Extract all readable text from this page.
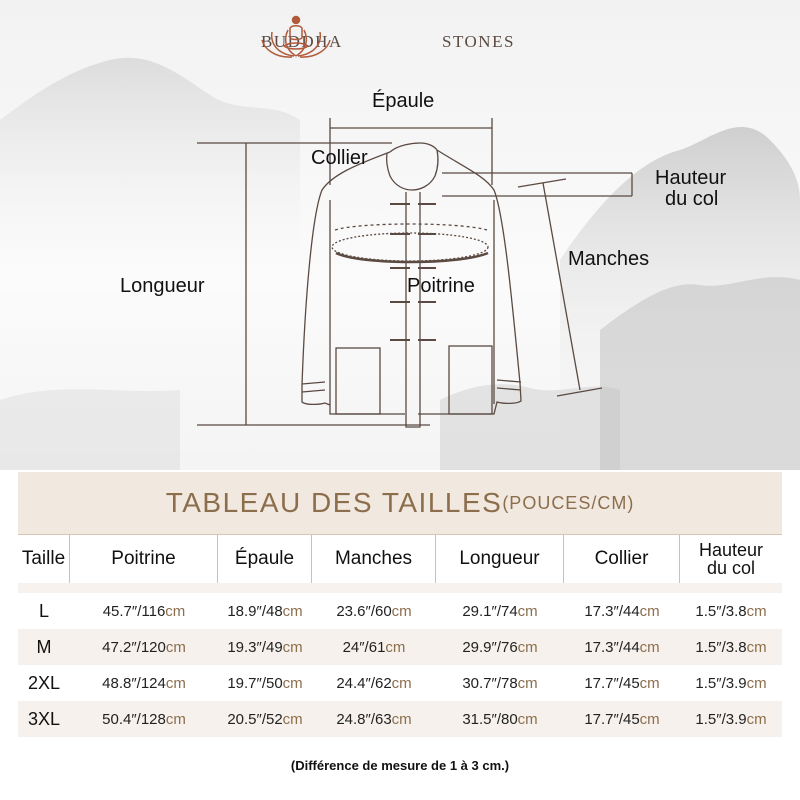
BUDDHA	STONES
Épaule
Collier
Hauteur
du col
Manches
Longueur	Poitrine
TABLEAU DES TAILLES (POUCES/CM)
Taille	Poitrine	Épaule	Manches	Longueur	Collier	Hauteur
du col
L	45.7″/116 cm	18.9″/48 cm 23.6″/60 cm	29.1″/74 cm	17.3″/44 cm 1.5″/3.8 cm
M	47.2″/120 cm	19.3″/49 cm	24″/61 cm	29.9″/76 cm	17.3″/44 cm 1.5″/3.8 cm
2XL	48.8″/124 cm	19.7″/50 cm 24.4″/62 cm	30.7″/78 cm	17.7″/45 cm 1.5″/3.9 cm
3XL	50.4″/128 cm	20.5″/52 cm 24.8″/63 cm	31.5″/80 cm	17.7″/45 cm 1.5″/3.9 cm
(Différence de mesure de 1 à 3 cm.)
